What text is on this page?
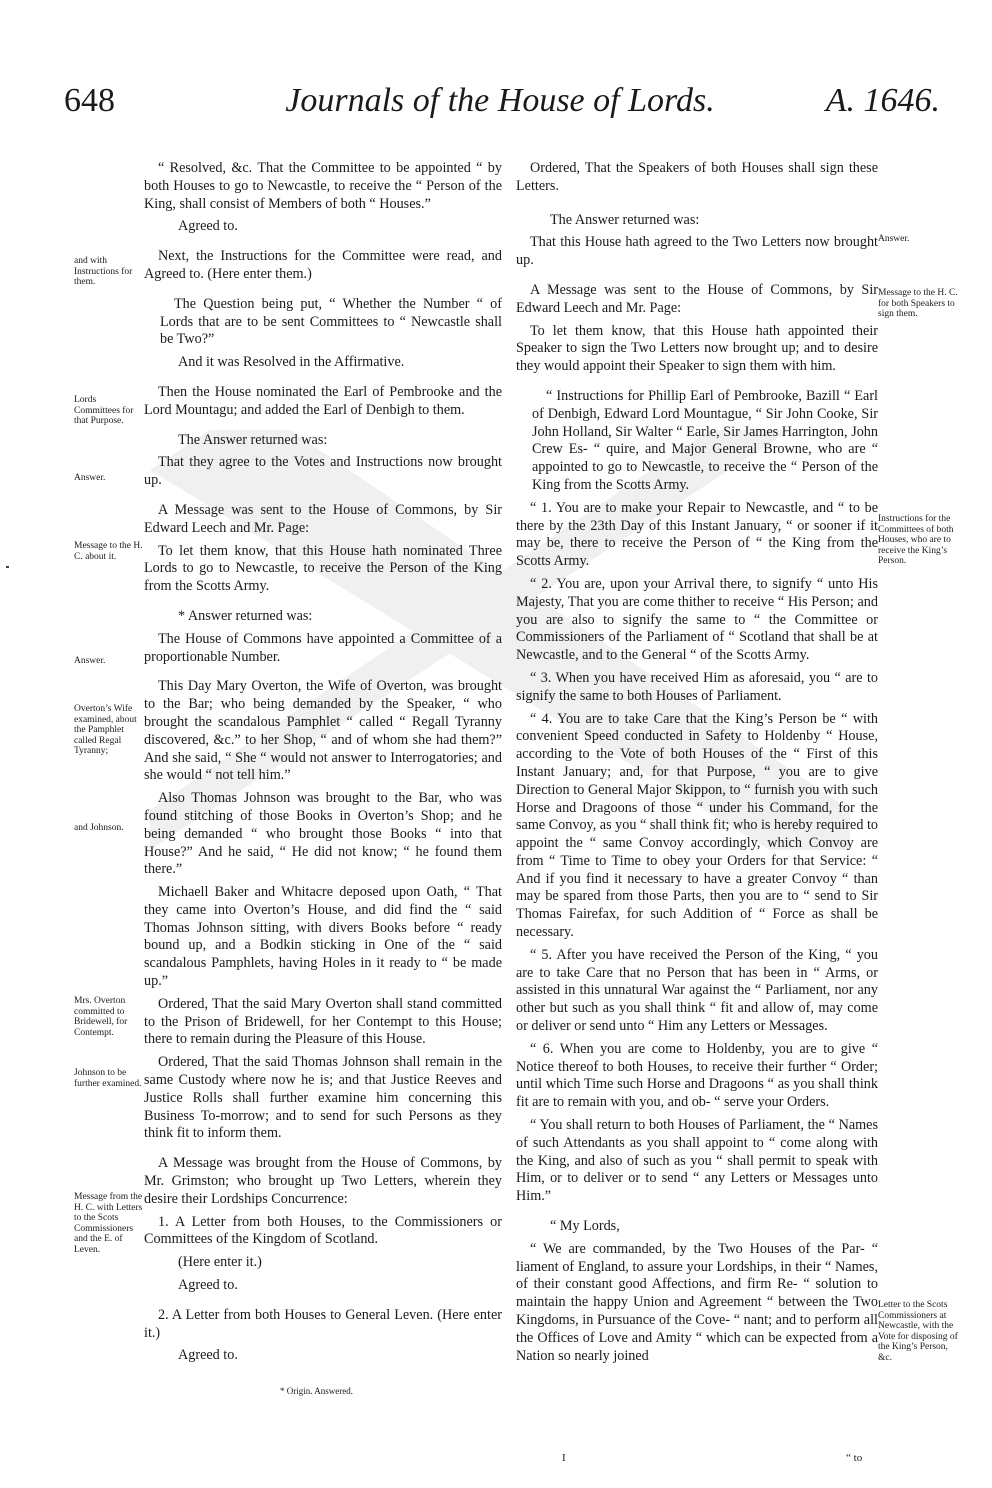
648	Journals of the House of Lords.	A. 1646.
and with Instructions for them.
Lords Committees for that Purpose.
Answer.
Message to the H. C. about it.
Answer.
Overton’s Wife examined, about the Pamphlet called Regal Tyranny;
and Johnson.
Mrs. Overton committed to Bridewell, for Contempt.
Johnson to be further examined.
Message from the H. C. with Letters to the Scots Commissioners and the E. of Leven.
Answer.
Message to the H. C. for both Speakers to sign them.
Instructions for the Committees of both Houses, who are to receive the King’s Person.
Letter to the Scots Commissioners at Newcastle, with the Vote for disposing of the King’s Person, &c.

“ Resolved, &c. That the Committee to be appointed “ by both Houses to go to Newcastle, to receive the “ Person of the King, shall consist of Members of both “ Houses.”

Agreed to.

Next, the Instructions for the Committee were read, and Agreed to. (Here enter them.)

The Question being put, “ Whether the Number “ of Lords that are to be sent Committees to “ Newcastle shall be Two?”

And it was Resolved in the Affirmative.

Then the House nominated the Earl of Pembrooke and the Lord Mountagu; and added the Earl of Denbigh to them.

The Answer returned was:

That they agree to the Votes and Instructions now brought up.

A Message was sent to the House of Commons, by Sir Edward Leech and Mr. Page:

To let them know, that this House hath nominated Three Lords to go to Newcastle, to receive the Person of the King from the Scotts Army.

* Answer returned was:

The House of Commons have appointed a Committee of a proportionable Number.

This Day Mary Overton, the Wife of Overton, was brought to the Bar; who being demanded by the Speaker, “ who brought the scandalous Pamphlet “ called “ Regall Tyranny discovered, &c.” to her Shop, “ and of whom she had them?” And she said, “ She “ would not answer to Interrogatories; and she would “ not tell him.”

Also Thomas Johnson was brought to the Bar, who was found stitching of those Books in Overton’s Shop; and he being demanded “ who brought those Books “ into that House?” And he said, “ He did not know; “ he found them there.”

Michaell Baker and Whitacre deposed upon Oath, “ That they came into Overton’s House, and did find the “ said Thomas Johnson sitting, with divers Books before “ ready bound up, and a Bodkin sticking in One of the “ said scandalous Pamphlets, having Holes in it ready to “ be made up.”

Ordered, That the said Mary Overton shall stand committed to the Prison of Bridewell, for her Contempt to this House; there to remain during the Pleasure of this House.

Ordered, That the said Thomas Johnson shall remain in the same Custody where now he is; and that Justice Reeves and Justice Rolls shall further examine him concerning this Business To-morrow; and to send for such Persons as they think fit to inform them.

A Message was brought from the House of Commons, by Mr. Grimston; who brought up Two Letters, wherein they desire their Lordships Concurrence:

1. A Letter from both Houses, to the Commissioners or Committees of the Kingdom of Scotland.

(Here enter it.)

Agreed to.

2. A Letter from both Houses to General Leven. (Here enter it.)

Agreed to.

Ordered, That the Speakers of both Houses shall sign these Letters.

The Answer returned was:

That this House hath agreed to the Two Letters now brought up.

A Message was sent to the House of Commons, by Sir Edward Leech and Mr. Page:

To let them know, that this House hath appointed their Speaker to sign the Two Letters now brought up; and to desire they would appoint their Speaker to sign them with him.

“ Instructions for Phillip Earl of Pembrooke, Bazill “ Earl of Denbigh, Edward Lord Mountague, “ Sir John Cooke, Sir John Holland, Sir Walter “ Earle, Sir James Harrington, John Crew Es- “ quire, and Major General Browne, who are “ appointed to go to Newcastle, to receive the “ Person of the King from the Scotts Army.

“ 1. You are to make your Repair to Newcastle, and “ to be there by the 23th Day of this Instant January, “ or sooner if it may be, there to receive the Person of “ the King from the Scotts Army.

“ 2. You are, upon your Arrival there, to signify “ unto His Majesty, That you are come thither to receive “ His Person; and you are also to signify the same to “ the Committee or Commissioners of the Parliament of “ Scotland that shall be at Newcastle, and to the General “ of the Scotts Army.

“ 3. When you have received Him as aforesaid, you “ are to signify the same to both Houses of Parliament.

“ 4. You are to take Care that the King’s Person be “ with convenient Speed conducted in Safety to Holdenby “ House, according to the Vote of both Houses of the “ First of this Instant January; and, for that Purpose, “ you are to give Direction to General Major Skippon, to “ furnish you with such Horse and Dragoons of those “ under his Command, for the same Convoy, as you “ shall think fit; who is hereby required to appoint the “ same Convoy accordingly, which Convoy are from “ Time to Time to obey your Orders for that Service: “ And if you find it necessary to have a greater Convoy “ than may be spared from those Parts, then you are to “ send to Sir Thomas Fairefax, for such Addition of “ Force as shall be necessary.

“ 5. After you have received the Person of the King, “ you are to take Care that no Person that has been in “ Arms, or assisted in this unnatural War against the “ Parliament, nor any other but such as you shall think “ fit and allow of, may come or deliver or send unto “ Him any Letters or Messages.

“ 6. When you are come to Holdenby, you are to give “ Notice thereof to both Houses, to receive their further “ Order; until which Time such Horse and Dragoons “ as you shall think fit are to remain with you, and ob- “ serve your Orders.

“ You shall return to both Houses of Parliament, the “ Names of such Attendants as you shall appoint to “ come along with the King, and also of such as you “ shall permit to speak with Him, or to deliver or to send “ any Letters or Messages unto Him.”

“ My Lords,

“ We are commanded, by the Two Houses of the Par- “ liament of England, to assure your Lordships, in their “ Names, of their constant good Affections, and firm Re- “ solution to maintain the happy Union and Agreement “ between the Two Kingdoms, in Pursuance of the Cove- “ nant; and to perform all the Offices of Love and Amity “ which can be expected from a Nation so nearly joined

* Origin. Answered.
I	“ to
